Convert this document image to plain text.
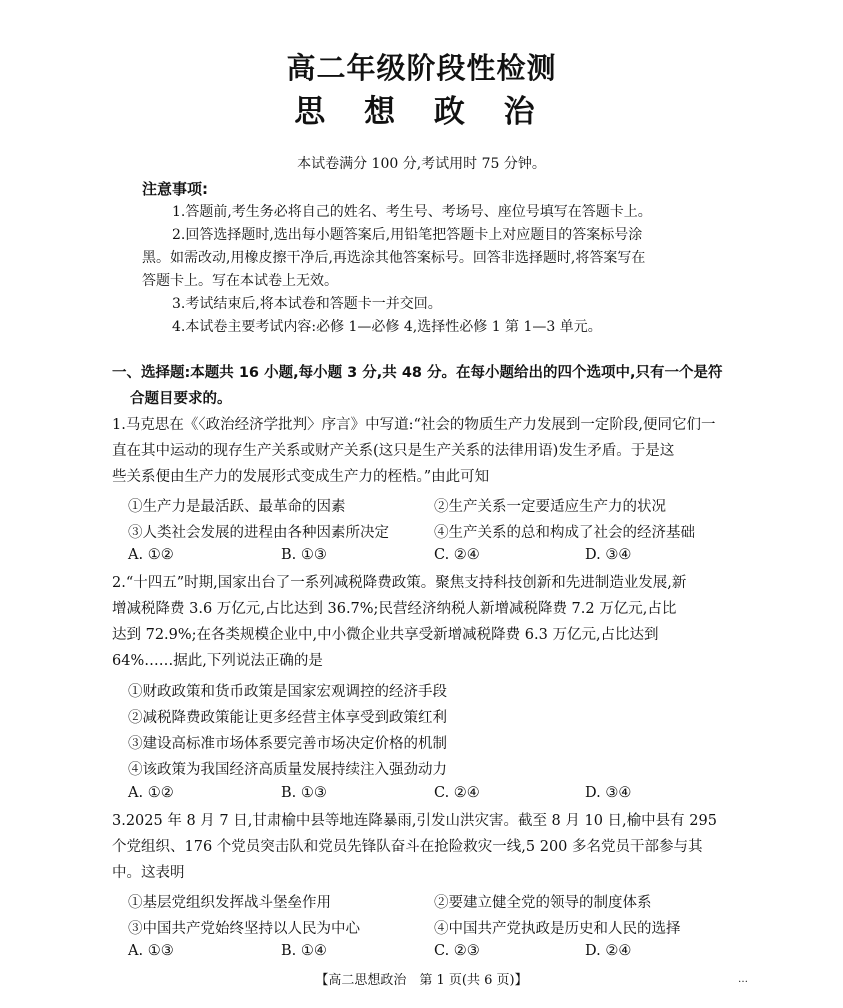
高二年级阶段性检测
思 想 政 治
本试卷满分 100 分,考试用时 75 分钟。
注意事项:
1.答题前,考生务必将自己的姓名、考生号、考场号、座位号填写在答题卡上。
2.回答选择题时,选出每小题答案后,用铅笔把答题卡上对应题目的答案标号涂
黑。如需改动,用橡皮擦干净后,再选涂其他答案标号。回答非选择题时,将答案写在
答题卡上。写在本试卷上无效。
3.考试结束后,将本试卷和答题卡一并交回。
4.本试卷主要考试内容:必修 1—必修 4,选择性必修 1 第 1—3 单元。
一、选择题:本题共 16 小题,每小题 3 分,共 48 分。在每小题给出的四个选项中,只有一个是符
合题目要求的。
1.马克思在《〈政治经济学批判〉序言》中写道:“社会的物质生产力发展到一定阶段,便同它们一
直在其中运动的现存生产关系或财产关系(这只是生产关系的法律用语)发生矛盾。于是这
些关系便由生产力的发展形式变成生产力的桎梏。”由此可知
①生产力是最活跃、最革命的因素	②生产关系一定要适应生产力的状况
③人类社会发展的进程由各种因素所决定	④生产关系的总和构成了社会的经济基础
A. ①②	B. ①③	C. ②④	D. ③④
2.“十四五”时期,国家出台了一系列减税降费政策。聚焦支持科技创新和先进制造业发展,新
增减税降费 3.6 万亿元,占比达到 36.7%;民营经济纳税人新增减税降费 7.2 万亿元,占比
达到 72.9%;在各类规模企业中,中小微企业共享受新增减税降费 6.3 万亿元,占比达到
64%……据此,下列说法正确的是
①财政政策和货币政策是国家宏观调控的经济手段
②减税降费政策能让更多经营主体享受到政策红利
③建设高标准市场体系要完善市场决定价格的机制
④该政策为我国经济高质量发展持续注入强劲动力
A. ①②	B. ①③	C. ②④	D. ③④
3.2025 年 8 月 7 日,甘肃榆中县等地连降暴雨,引发山洪灾害。截至 8 月 10 日,榆中县有 295
个党组织、176 个党员突击队和党员先锋队奋斗在抢险救灾一线,5 200 多名党员干部参与其
中。这表明
①基层党组织发挥战斗堡垒作用	②要建立健全党的领导的制度体系
③中国共产党始终坚持以人民为中心	④中国共产党执政是历史和人民的选择
A. ①③	B. ①④	C. ②③	D. ②④
【高二思想政治　第 1 页(共 6 页)】	…
